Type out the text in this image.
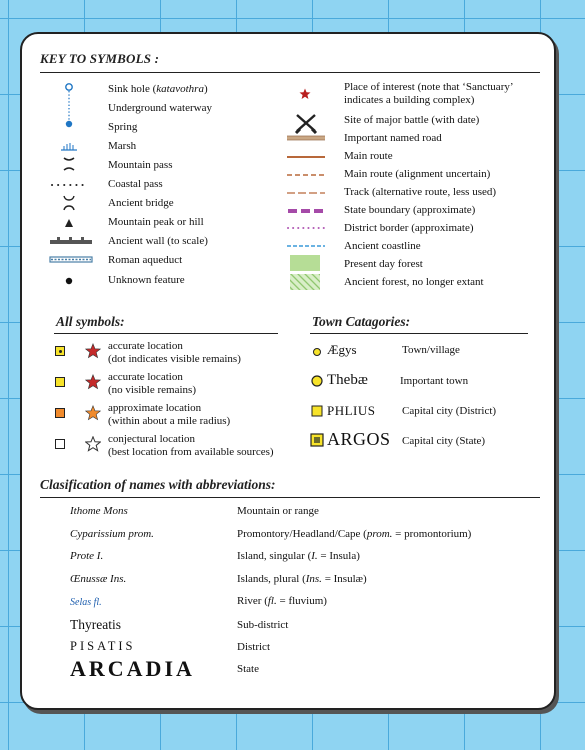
KEY TO SYMBOLS :
Sink hole (katavothra)
Underground waterway
Spring
Marsh
Mountain pass
Coastal pass
Ancient bridge
Mountain peak or hill
Ancient wall (to scale)
Roman aqueduct
Unknown feature
Place of interest (note that ‘Sanctuary’
indicates a building complex)
Site of major battle (with date)
Important named road
Main route
Main route (alignment uncertain)
Track (alternative route, less used)
State boundary (approximate)
District border (approximate)
Ancient coastline
Present day forest
Ancient forest, no longer extant
All symbols:
accurate location
(dot indicates visible remains)
accurate location
(no visible remains)
approximate location
(within about a mile radius)
conjectural location
(best location from available sources)
Town Catagories:
Ægys	Town/village
Thebæ	Important town
PHLIUS Capital city (District)
ARGOS Capital city (State)
Clasification of names with abbreviations:
Ithome Mons	Mountain or range
Cyparissium prom.	Promontory/Headland/Cape (prom. = promontorium)
Prote I.	Island, singular (I. = Insula)
Œnussæ Ins.	Islands, plural (Ins. = Insulæ)
Selas fl.	River (fl. = fluvium)
Thyreatis	Sub-district
PISATIS	District
ARCADIA	State
